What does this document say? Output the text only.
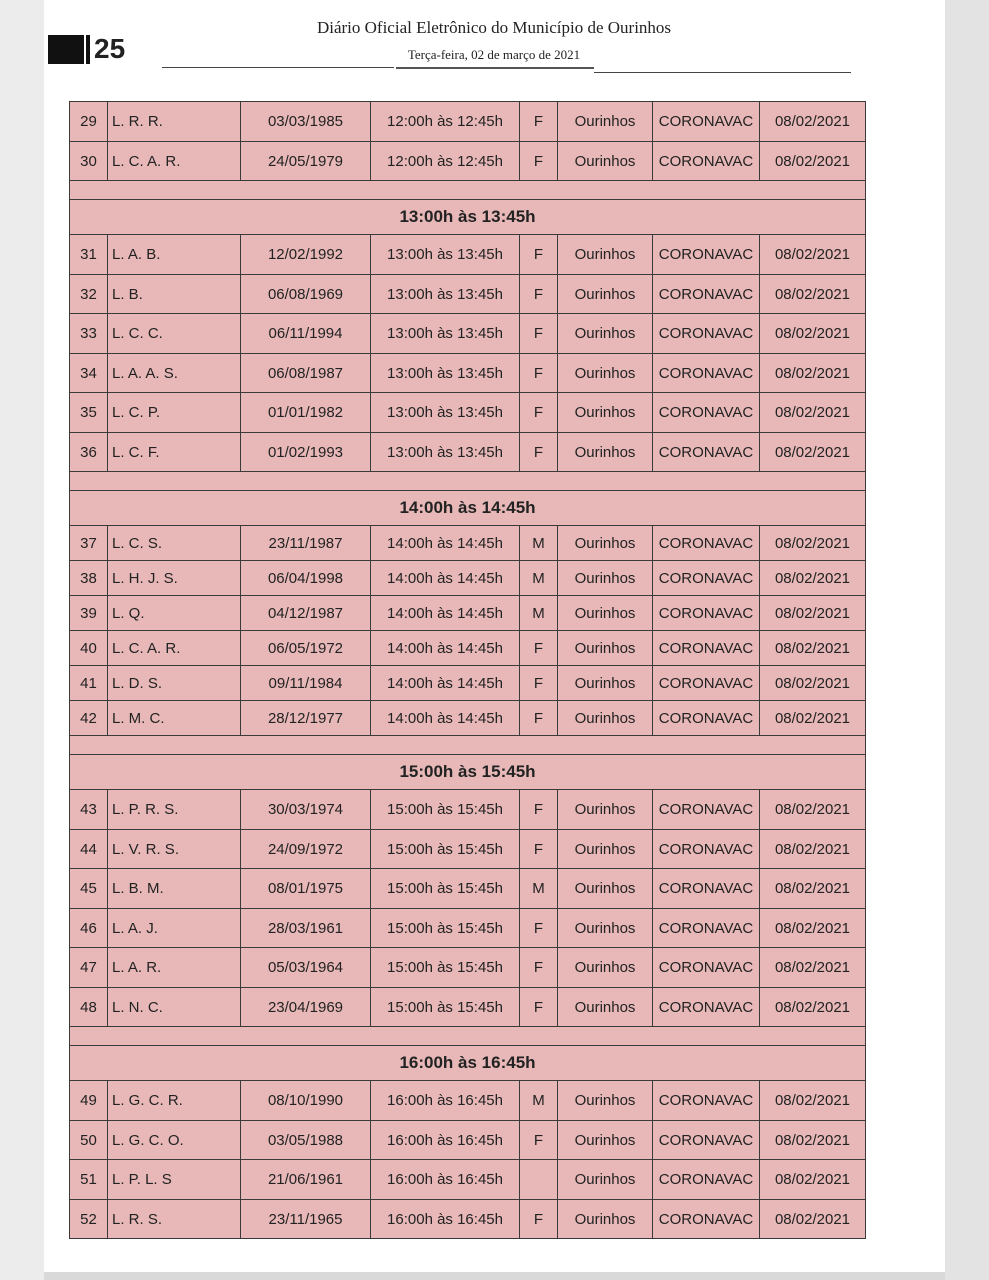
25
Diário Oficial Eletrônico do Município de Ourinhos
Terça-feira, 02 de março de 2021
29	L. R. R.	03/03/1985	12:00h às 12:45h	F	Ourinhos	CORONAVAC	08/02/2021
30	L. C. A. R.	24/05/1979	12:00h às 12:45h	F	Ourinhos	CORONAVAC	08/02/2021

13:00h às 13:45h							
31	L. A. B.	12/02/1992	13:00h às 13:45h	F	Ourinhos	CORONAVAC	08/02/2021
32	L. B.	06/08/1969	13:00h às 13:45h	F	Ourinhos	CORONAVAC	08/02/2021
33	L. C. C.	06/11/1994	13:00h às 13:45h	F	Ourinhos	CORONAVAC	08/02/2021
34	L. A. A. S.	06/08/1987	13:00h às 13:45h	F	Ourinhos	CORONAVAC	08/02/2021
35	L. C. P.	01/01/1982	13:00h às 13:45h	F	Ourinhos	CORONAVAC	08/02/2021
36	L. C. F.	01/02/1993	13:00h às 13:45h	F	Ourinhos	CORONAVAC	08/02/2021

14:00h às 14:45h							
37	L. C. S.	23/11/1987	14:00h às 14:45h	M	Ourinhos	CORONAVAC	08/02/2021
38	L. H. J. S.	06/04/1998	14:00h às 14:45h	M	Ourinhos	CORONAVAC	08/02/2021
39	L. Q.	04/12/1987	14:00h às 14:45h	M	Ourinhos	CORONAVAC	08/02/2021
40	L. C. A. R.	06/05/1972	14:00h às 14:45h	F	Ourinhos	CORONAVAC	08/02/2021
41	L. D. S.	09/11/1984	14:00h às 14:45h	F	Ourinhos	CORONAVAC	08/02/2021
42	L. M. C.	28/12/1977	14:00h às 14:45h	F	Ourinhos	CORONAVAC	08/02/2021

15:00h às 15:45h							
43	L. P. R. S.	30/03/1974	15:00h às 15:45h	F	Ourinhos	CORONAVAC	08/02/2021
44	L. V. R. S.	24/09/1972	15:00h às 15:45h	F	Ourinhos	CORONAVAC	08/02/2021
45	L. B. M.	08/01/1975	15:00h às 15:45h	M	Ourinhos	CORONAVAC	08/02/2021
46	L. A. J.	28/03/1961	15:00h às 15:45h	F	Ourinhos	CORONAVAC	08/02/2021
47	L. A. R.	05/03/1964	15:00h às 15:45h	F	Ourinhos	CORONAVAC	08/02/2021
48	L. N. C.	23/04/1969	15:00h às 15:45h	F	Ourinhos	CORONAVAC	08/02/2021

16:00h às 16:45h							
49	L. G. C. R.	08/10/1990	16:00h às 16:45h	M	Ourinhos	CORONAVAC	08/02/2021
50	L. G. C. O.	03/05/1988	16:00h às 16:45h	F	Ourinhos	CORONAVAC	08/02/2021
51	L. P. L. S	21/06/1961	16:00h às 16:45h		Ourinhos	CORONAVAC	08/02/2021
52	L. R. S.	23/11/1965	16:00h às 16:45h	F	Ourinhos	CORONAVAC	08/02/2021
